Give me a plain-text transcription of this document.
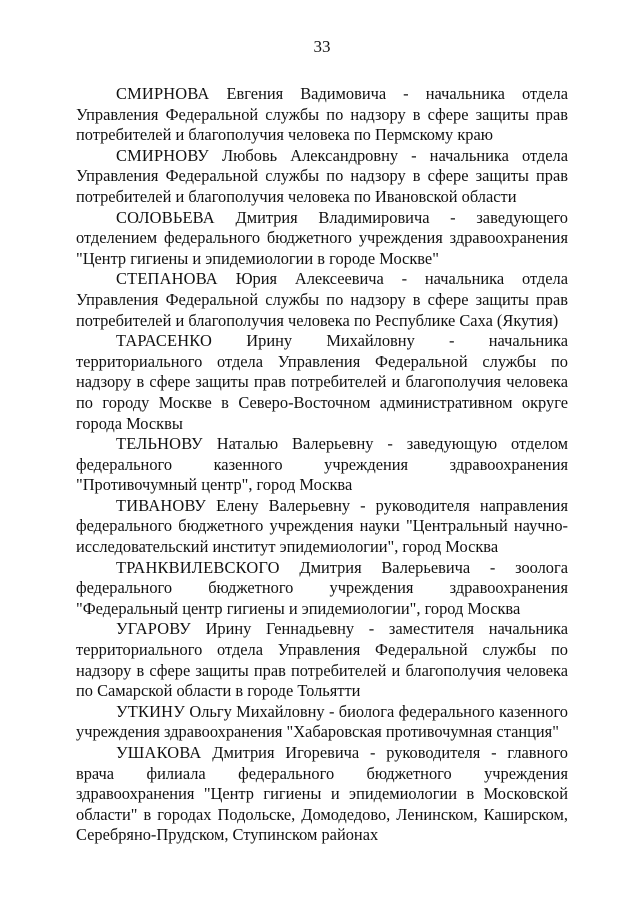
33

СМИРНОВА Евгения Вадимовича - начальника отдела Управления Федеральной службы по надзору в сфере защиты прав потребителей и благополучия человека по Пермскому краю

СМИРНОВУ Любовь Александровну - начальника отдела Управления Федеральной службы по надзору в сфере защиты прав потребителей и благополучия человека по Ивановской области

СОЛОВЬЕВА Дмитрия Владимировича - заведующего отделением федерального бюджетного учреждения здравоохранения "Центр гигиены и эпидемиологии в городе Москве"

СТЕПАНОВА Юрия Алексеевича - начальника отдела Управления Федеральной службы по надзору в сфере защиты прав потребителей и благополучия человека по Республике Саха (Якутия)

ТАРАСЕНКО Ирину Михайловну - начальника территориального отдела Управления Федеральной службы по надзору в сфере защиты прав потребителей и благополучия человека по городу Москве в Северо-Восточном административном округе города Москвы

ТЕЛЬНОВУ Наталью Валерьевну - заведующую отделом федерального казенного учреждения здравоохранения "Противочумный центр", город Москва

ТИВАНОВУ Елену Валерьевну - руководителя направления федерального бюджетного учреждения науки "Центральный научно-исследовательский институт эпидемиологии", город Москва

ТРАНКВИЛЕВСКОГО Дмитрия Валерьевича - зоолога федерального бюджетного учреждения здравоохранения "Федеральный центр гигиены и эпидемиологии", город Москва

УГАРОВУ Ирину Геннадьевну - заместителя начальника территориального отдела Управления Федеральной службы по надзору в сфере защиты прав потребителей и благополучия человека по Самарской области в городе Тольятти

УТКИНУ Ольгу Михайловну - биолога федерального казенного учреждения здравоохранения "Хабаровская противочумная станция"

УШАКОВА Дмитрия Игоревича - руководителя - главного врача филиала федерального бюджетного учреждения здравоохранения "Центр гигиены и эпидемиологии в Московской области" в городах Подольске, Домодедово, Ленинском, Каширском, Серебряно-Прудском, Ступинском районах
